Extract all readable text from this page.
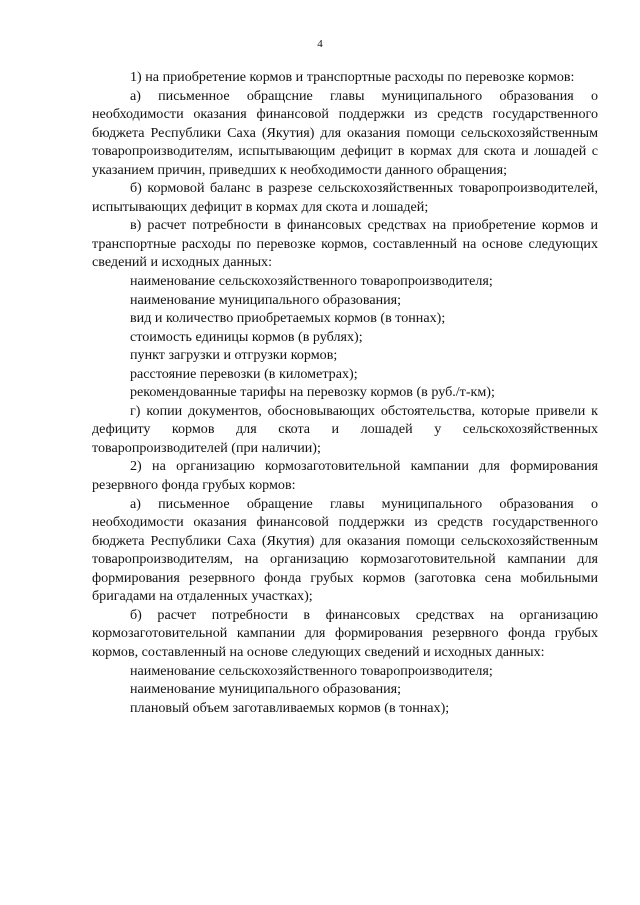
4

1) на приобретение кормов и транспортные расходы по перевозке кормов:

а) письменное обращсние главы муниципального образования о необходимости оказания финансовой поддержки из средств государственного бюджета Республики Саха (Якутия) для оказания помощи сельскохозяйственным товаропроизводителям, испытывающим дефицит в кормах для скота и лошадей с указанием причин, приведших к необходимости данного обращения;

б) кормовой баланс в разрезе сельскохозяйственных товаропроизводителей, испытывающих дефицит в кормах для скота и лошадей;

в) расчет потребности в финансовых средствах на приобретение кормов и транспортные расходы по перевозке кормов, составленный на основе следующих сведений и исходных данных:

наименование сельскохозяйственного товаропроизводителя;

наименование муниципального образования;

вид и количество приобретаемых кормов (в тоннах);

стоимость единицы кормов (в рублях);

пункт загрузки и отгрузки кормов;

расстояние перевозки (в километрах);

рекомендованные тарифы на перевозку кормов (в руб./т-км);

г) копии документов, обосновывающих обстоятельства, которые привели к дефициту кормов для скота и лошадей у сельскохозяйственных товаропроизводителей (при наличии);

2) на организацию кормозаготовительной кампании для формирования резервного фонда грубых кормов:

а) письменное обращение главы муниципального образования о необходимости оказания финансовой поддержки из средств государственного бюджета Республики Саха (Якутия) для оказания помощи сельскохозяйственным товаропроизводителям, на организацию кормозаготовительной кампании для формирования резервного фонда грубых кормов (заготовка сена мобильными бригадами на отдаленных участках);

б) расчет потребности в финансовых средствах на организацию кормозаготовительной кампании для формирования резервного фонда грубых кормов, составленный на основе следующих сведений и исходных данных:

наименование сельскохозяйственного товаропроизводителя;

наименование муниципального образования;

плановый объем заготавливаемых кормов (в тоннах);
